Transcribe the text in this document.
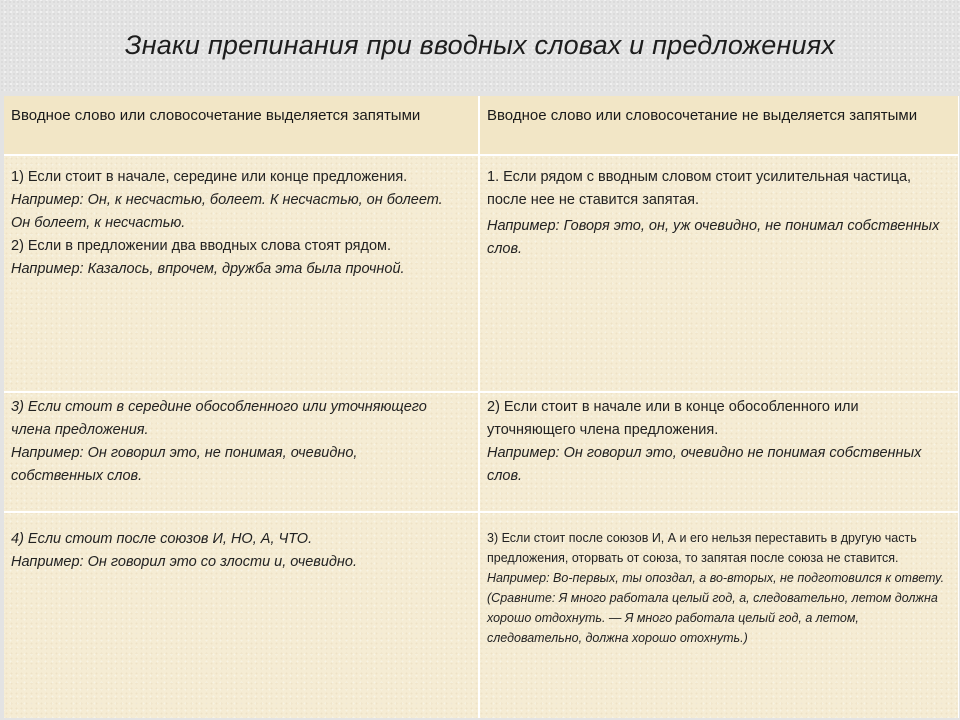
Знаки препинания при вводных словах и предложениях
Вводное слово или словосочетание выделяется запятыми	Вводное слово или словосочетание не выделяется запятыми

1) Если стоит в начале, середине или конце предложения.

Например: Он, к несчастью, болеет. К несчастью, он болеет.

Он болеет, к несчастью.

2) Если в предложении два вводных слова стоят рядом.

Например: Казалось, впрочем, дружба эта была прочной.

1. Если рядом с вводным словом стоит усилительная частица, после нее не ставится запятая.

Например: Говоря это, он, уж очевидно, не понимал собственных слов.

3) Если стоит в середине обособленного или уточняющего члена предложения.

Например: Он говорил это, не понимая, очевидно, собственных слов.

2) Если стоит в начале или в конце обособленного или уточняющего члена предложения.

Например: Он говорил это, очевидно не понимая собственных слов.

4) Если стоит после союзов И, НО, А, ЧТО.

Например: Он говорил это со злости и, очевидно.

3) Если стоит после союзов И, А и его нельзя переставить в другую часть предложения, оторвать от союза, то запятая после союза не ставится.

Например: Во-первых, ты опоздал, а во-вторых, не подготовился к ответу.

(Сравните: Я много работала целый год, а, следовательно, летом должна хорошо отдохнуть. — Я много работала целый год, а летом, следовательно, должна хорошо отохнуть.)
